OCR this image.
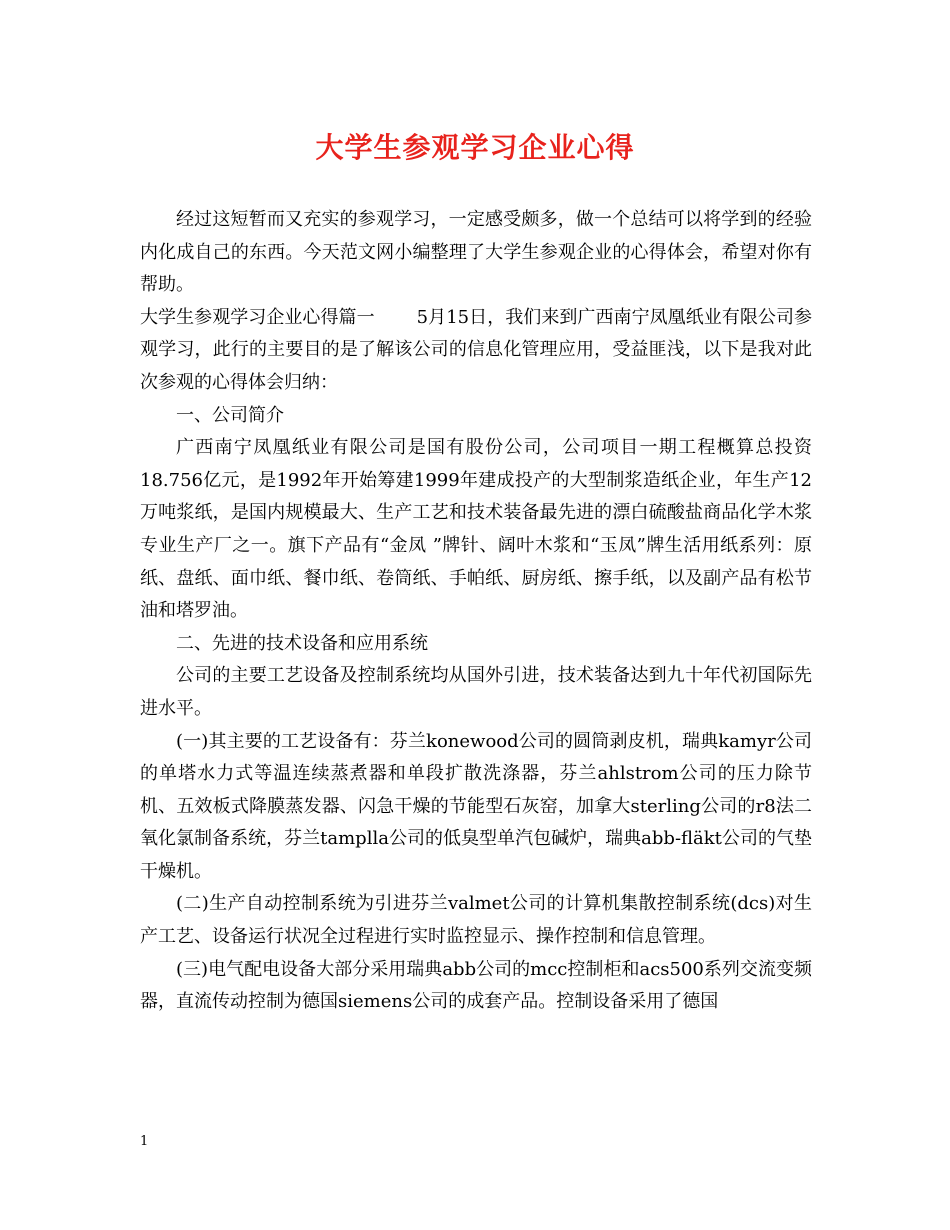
大学生参观学习企业心得

经过这短暂而又充实的参观学习，一定感受颇多，做一个总结可以将学到的经验内化成自己的东西。今天范文网小编整理了大学生参观企业的心得体会，希望对你有帮助。

大学生参观学习企业心得篇一 5月15日，我们来到广西南宁凤凰纸业有限公司参观学习，此行的主要目的是了解该公司的信息化管理应用，受益匪浅，以下是我对此次参观的心得体会归纳：

一、公司简介

广西南宁凤凰纸业有限公司是国有股份公司，公司项目一期工程概算总投资18.756亿元，是1992年开始筹建1999年建成投产的大型制浆造纸企业，年生产12 万吨浆纸，是国内规模最大、生产工艺和技术装备最先进的漂白硫酸盐商品化学木浆专业生产厂之一。旗下产品有“金凤 ”牌针、阔叶木浆和“玉凤”牌生活用纸系列：原纸、盘纸、面巾纸、餐巾纸、卷筒纸、手帕纸、厨房纸、擦手纸，以及副产品有松节油和塔罗油。

二、先进的技术设备和应用系统

公司的主要工艺设备及控制系统均从国外引进，技术装备达到九十年代初国际先进水平。

(一)其主要的工艺设备有：芬兰konewood公司的圆筒剥皮机，瑞典kamyr公司的单塔水力式等温连续蒸煮器和单段扩散洗涤器，芬兰ahlstrom公司的压力除节机、五效板式降膜蒸发器、闪急干燥的节能型石灰窑，加拿大sterling公司的r8法二氧化氯制备系统，芬兰tamplla公司的低臭型单汽包碱炉，瑞典abb-fläkt公司的气垫干燥机。

(二)生产自动控制系统为引进芬兰valmet公司的计算机集散控制系统(dcs)对生产工艺、设备运行状况全过程进行实时监控显示、操作控制和信息管理。

(三)电气配电设备大部分采用瑞典abb公司的mcc控制柜和acs500系列交流变频器，直流传动控制为德国siemens公司的成套产品。控制设备采用了德国

1
